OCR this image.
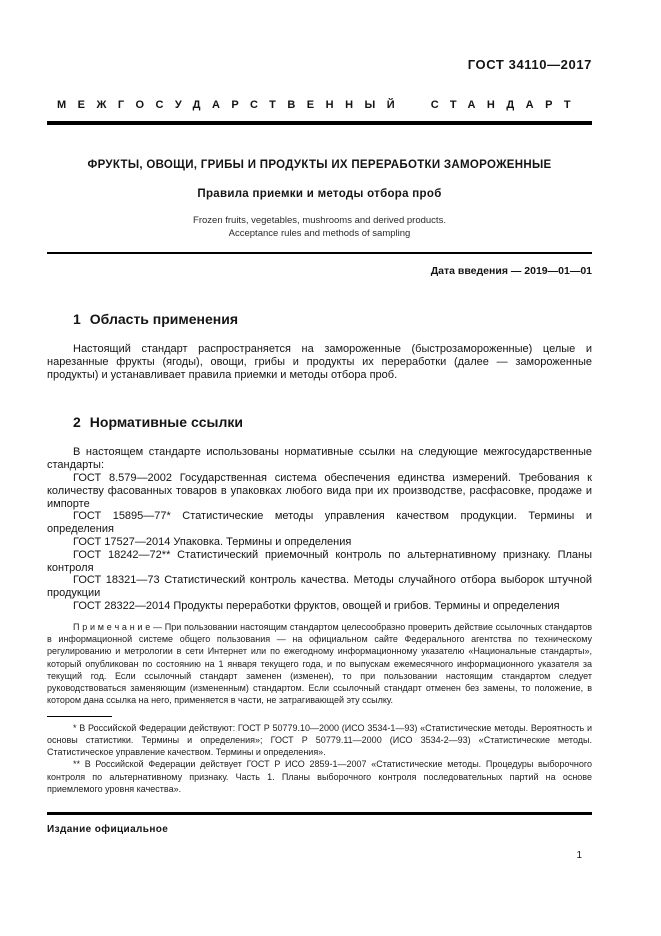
ГОСТ 34110—2017
МЕЖГОСУДАРСТВЕННЫЙ СТАНДАРТ
ФРУКТЫ, ОВОЩИ, ГРИБЫ И ПРОДУКТЫ ИХ ПЕРЕРАБОТКИ ЗАМОРОЖЕННЫЕ
Правила приемки и методы отбора проб
Frozen fruits, vegetables, mushrooms and derived products.
Acceptance rules and methods of sampling
Дата введения — 2019—01—01
1 Область применения

Настоящий стандарт распространяется на замороженные (быстрозамороженные) целые и нарезанные фрукты (ягоды), овощи, грибы и продукты их переработки (далее — замороженные продукты) и устанавливает правила приемки и методы отбора проб.

2 Нормативные ссылки

В настоящем стандарте использованы нормативные ссылки на следующие межгосударственные стандарты:

ГОСТ 8.579—2002 Государственная система обеспечения единства измерений. Требования к количеству фасованных товаров в упаковках любого вида при их производстве, расфасовке, продаже и импорте

ГОСТ 15895—77* Статистические методы управления качеством продукции. Термины и определения

ГОСТ 17527—2014 Упаковка. Термины и определения

ГОСТ 18242—72** Статистический приемочный контроль по альтернативному признаку. Планы контроля

ГОСТ 18321—73 Статистический контроль качества. Методы случайного отбора выборок штучной продукции

ГОСТ 28322—2014 Продукты переработки фруктов, овощей и грибов. Термины и определения

П р и м е ч а н и е — При пользовании настоящим стандартом целесообразно проверить действие ссылочных стандартов в информационной системе общего пользования — на официальном сайте Федерального агентства по техническому регулированию и метрологии в сети Интернет или по ежегодному информационному указателю «Национальные стандарты», который опубликован по состоянию на 1 января текущего года, и по выпускам ежемесячного информационного указателя за текущий год. Если ссылочный стандарт заменен (изменен), то при пользовании настоящим стандартом следует руководствоваться заменяющим (измененным) стандартом. Если ссылочный стандарт отменен без замены, то положение, в котором дана ссылка на него, применяется в части, не затрагивающей эту ссылку.

* В Российской Федерации действуют: ГОСТ Р 50779.10—2000 (ИСО 3534-1—93) «Статистические методы. Вероятность и основы статистики. Термины и определения»; ГОСТ Р 50779.11—2000 (ИСО 3534-2—93) «Статистические методы. Статистическое управление качеством. Термины и определения».

** В Российской Федерации действует ГОСТ Р ИСО 2859-1—2007 «Статистические методы. Процедуры выборочного контроля по альтернативному признаку. Часть 1. Планы выборочного контроля последовательных партий на основе приемлемого уровня качества».

Издание официальное
1
